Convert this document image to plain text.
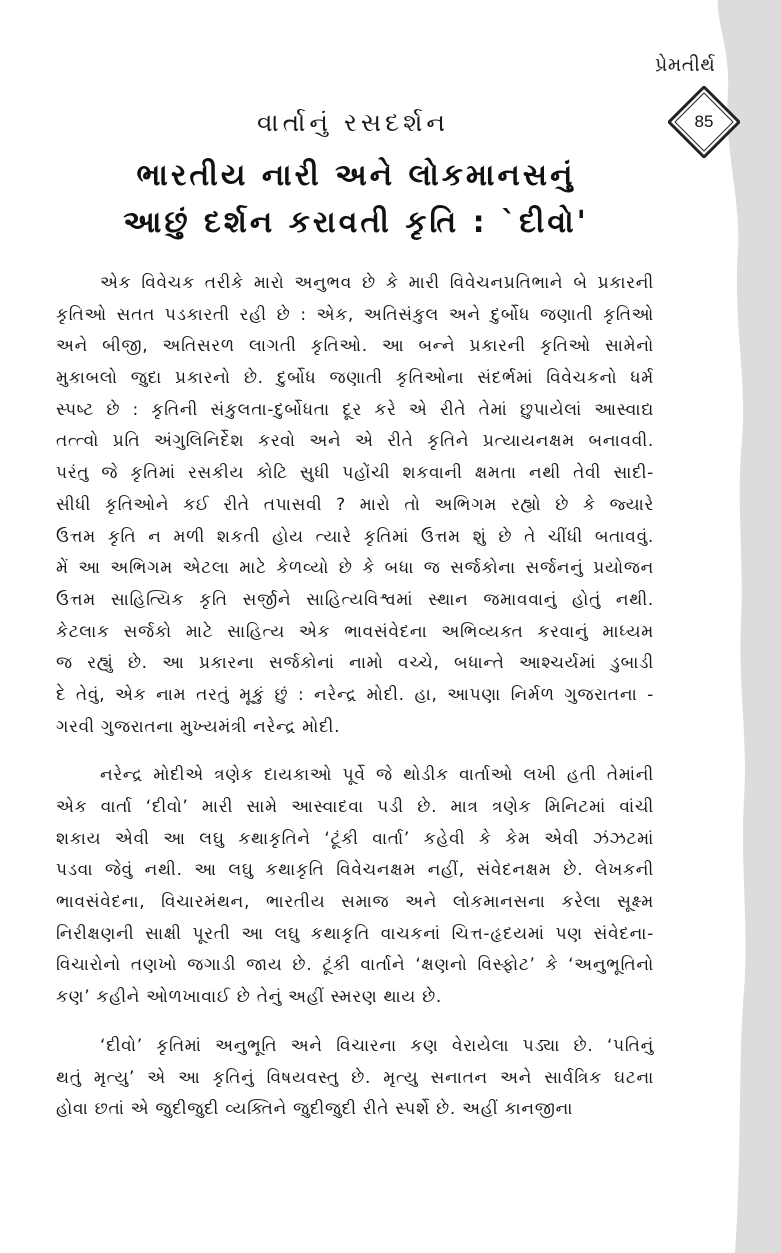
પ્રેમતીર્થ
85
વાર્તાનું રસદર્શન
ભારતીય નારી અને લોકમાનસનું
આછું દર્શન કરાવતી કૃતિ : `દીવો'
એક વિવેચક તરીકે મારો અનુભવ છે કે મારી વિવેચનપ્રતિભાને બે પ્રકારની
કૃતિઓ સતત પડકારતી રહી છે : એક, અતિસંકુલ અને દુર્બોધ જણાતી કૃતિઓ
અને બીજી, અતિસરળ લાગતી કૃતિઓ. આ બન્ને પ્રકારની કૃતિઓ સામેનો
મુકાબલો જુદા પ્રકારનો છે. દુર્બોધ જણાતી કૃતિઓના સંદર્ભમાં વિવેચકનો ધર્મ
સ્પષ્ટ છે : કૃતિની સંકુલતા-દુર્બોધતા દૂર કરે એ રીતે તેમાં છુપાયેલાં આસ્વાદ્ય
તત્ત્વો પ્રતિ અંગુલિનિર્દેશ કરવો અને એ રીતે કૃતિને પ્રત્યાયનક્ષમ બનાવવી.
પરંતુ જે કૃતિમાં રસકીય કોટિ સુધી પહોંચી શકવાની ક્ષમતા નથી તેવી સાદી-
સીધી કૃતિઓને કઈ રીતે તપાસવી ? મારો તો અભિગમ રહ્યો છે કે જ્યારે
ઉત્તમ કૃતિ ન મળી શકતી હોય ત્યારે કૃતિમાં ઉત્તમ શું છે તે ચીંધી બતાવવું.
મેં આ અભિગમ એટલા માટે કેળવ્યો છે કે બધા જ સર્જકોના સર્જનનું પ્રયોજન
ઉત્તમ સાહિત્યિક કૃતિ સર્જીને સાહિત્યવિશ્વમાં સ્થાન જમાવવાનું હોતું નથી.
કેટલાક સર્જકો માટે સાહિત્ય એક ભાવસંવેદના અભિવ્યક્ત કરવાનું માધ્યમ
જ રહ્યું છે. આ પ્રકારના સર્જકોનાં નામો વચ્ચે, બધાન્તે આશ્ચર્યમાં ડુબાડી
દે તેવું, એક નામ તરતું મૂકું છું : નરેન્દ્ર મોદી. હા, આપણા નિર્મળ ગુજરાતના -
ગરવી ગુજરાતના મુખ્યમંત્રી નરેન્દ્ર મોદી.
નરેન્દ્ર મોદીએ ત્રણેક દાયકાઓ પૂર્વે જે થોડીક વાર્તાઓ લખી હતી તેમાંની
એક વાર્તા ‘દીવો’ મારી સામે આસ્વાદવા પડી છે. માત્ર ત્રણેક મિનિટમાં વાંચી
શકાય એવી આ લઘુ કથાકૃતિને ‘ટૂંકી વાર્તા’ કહેવી કે કેમ એવી ઝંઝટમાં
પડવા જેવું નથી. આ લઘુ કથાકૃતિ વિવેચનક્ષમ નહીં, સંવેદનક્ષમ છે. લેખકની
ભાવસંવેદના, વિચારમંથન, ભારતીય સમાજ અને લોકમાનસના કરેલા સૂક્ષ્મ
નિરીક્ષણની સાક્ષી પૂરતી આ લઘુ કથાકૃતિ વાચકનાં ચિત્ત-હૃદયમાં પણ સંવેદના-
વિચારોનો તણખો જગાડી જાય છે. ટૂંકી વાર્તાને ‘ક્ષણનો વિસ્ફોટ’ કે ‘અનુભૂતિનો
કણ’ કહીને ઓળખાવાઈ છે તેનું અહીં સ્મરણ થાય છે.
‘દીવો’ કૃતિમાં અનુભૂતિ અને વિચારના કણ વેરાયેલા પડ્યા છે. ‘પતિનું
થતું મૃત્યુ’ એ આ કૃતિનું વિષયવસ્તુ છે. મૃત્યુ સનાતન અને સાર્વત્રિક ઘટના
હોવા છતાં એ જુદીજુદી વ્યક્તિને જુદીજુદી રીતે સ્પર્શે છે. અહીં કાનજીના
